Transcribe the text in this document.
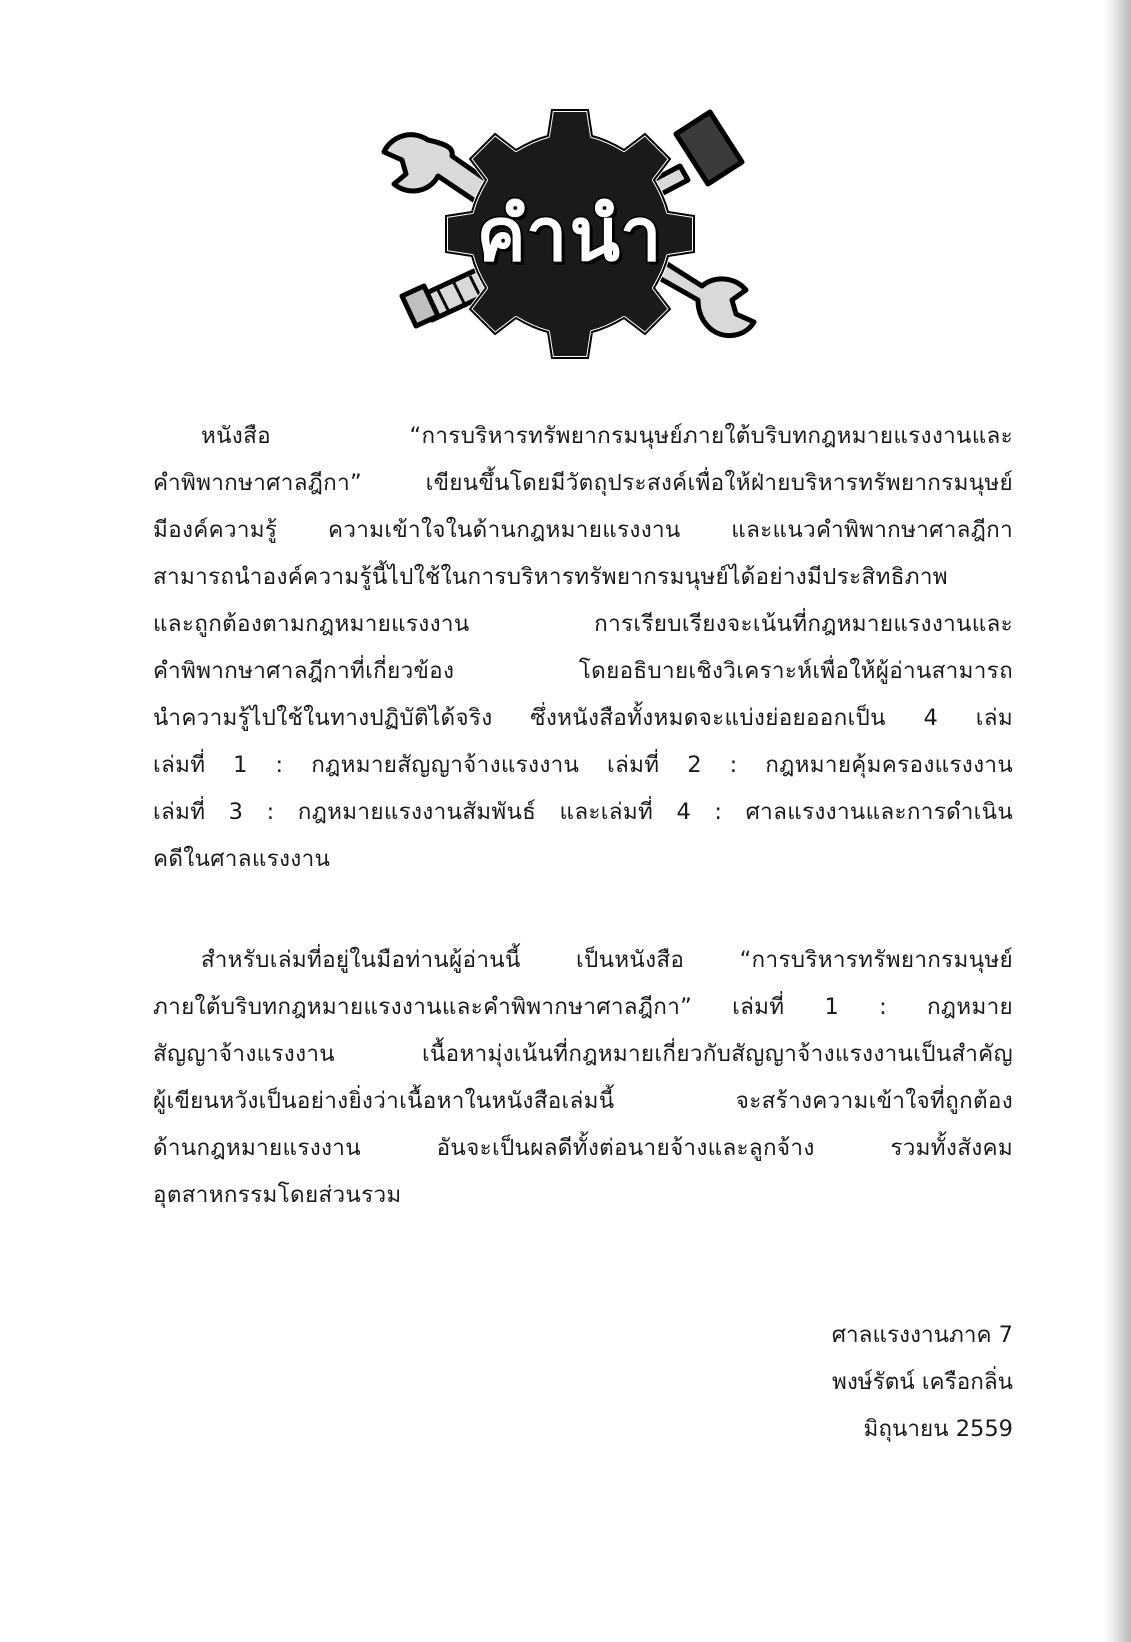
คำนำ
หนังสือ “การบริหารทรัพยากรมนุษย์ภายใต้บริบทกฎหมายแรงงานและ
คำพิพากษาศาลฎีกา” เขียนขึ้นโดยมีวัตถุประสงค์เพื่อให้ฝ่ายบริหารทรัพยากรมนุษย์
มีองค์ความรู้ ความเข้าใจในด้านกฎหมายแรงงาน และแนวคำพิพากษาศาลฎีกา
สามารถนำองค์ความรู้นี้ไปใช้ในการบริหารทรัพยากรมนุษย์ได้อย่างมีประสิทธิภาพ
และถูกต้องตามกฎหมายแรงงาน การเรียบเรียงจะเน้นที่กฎหมายแรงงานและ
คำพิพากษาศาลฎีกาที่เกี่ยวข้อง โดยอธิบายเชิงวิเคราะห์เพื่อให้ผู้อ่านสามารถ
นำความรู้ไปใช้ในทางปฏิบัติได้จริง ซึ่งหนังสือทั้งหมดจะแบ่งย่อยออกเป็น 4 เล่ม
เล่มที่ 1 : กฎหมายสัญญาจ้างแรงงาน เล่มที่ 2 : กฎหมายคุ้มครองแรงงาน
เล่มที่ 3 : กฎหมายแรงงานสัมพันธ์ และเล่มที่ 4 : ศาลแรงงานและการดำเนิน
คดีในศาลแรงงาน
สำหรับเล่มที่อยู่ในมือท่านผู้อ่านนี้ เป็นหนังสือ “การบริหารทรัพยากรมนุษย์
ภายใต้บริบทกฎหมายแรงงานและคำพิพากษาศาลฎีกา” เล่มที่ 1 : กฎหมาย
สัญญาจ้างแรงงาน เนื้อหามุ่งเน้นที่กฎหมายเกี่ยวกับสัญญาจ้างแรงงานเป็นสำคัญ
ผู้เขียนหวังเป็นอย่างยิ่งว่าเนื้อหาในหนังสือเล่มนี้ จะสร้างความเข้าใจที่ถูกต้อง
ด้านกฎหมายแรงงาน อันจะเป็นผลดีทั้งต่อนายจ้างและลูกจ้าง รวมทั้งสังคม
อุตสาหกรรมโดยส่วนรวม
ศาลแรงงานภาค 7
พงษ์รัตน์ เครือกลิ่น
มิถุนายน 2559
